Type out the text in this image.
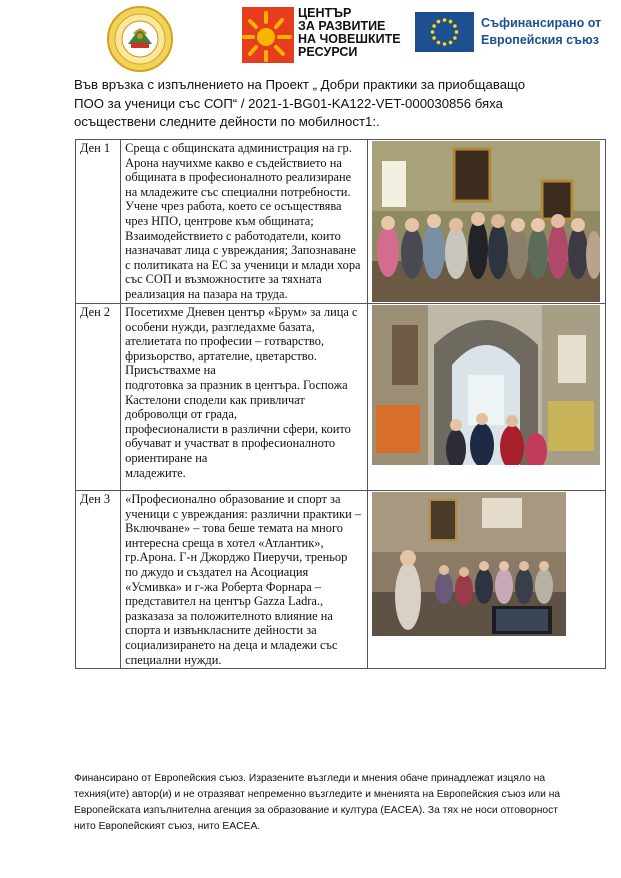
ЦЕНТЪР
ЗА РАЗВИТИЕ
НА ЧОВЕШКИТЕ
РЕСУРСИ
Съфинансирано от
Европейския съюз
Във връзка с изпълнението на Проект „ Добри практики за приобщаващо ПОО за ученици със СОП“ / 2021-1-BG01-KA122-VET-000030856 бяха осъществени следните дейности по мобилност1:.
Ден 1	Среща с общинската администрация на гр. Арона научихме какво е съдействието на общината в професионалното реализиране на младежите със специални потребности. Учене чрез работа, което се осъществява чрез НПО, центрове към общината; Взаимодействието с работодатели, които назначават лица с увреждания; Запознаване с политиката на ЕС за ученици и млади хора със СОП и възможностите за тяхната реализация на пазара на труда.

Ден 2	Посетихме Дневен център «Брум» за лица с особени нужди, разгледахме базата, ателиетата по професии – готварство, фризьорство, артателие, цветарство. Присъствахме на
подготовка за празник в центъра. Госпожа Кастелони сподели как привличат доброволци от града,
професионалисти в различни сфери, които обучават и участват в професионалното ориентиране на
младежите.

Ден 3	«Професионално образование и спорт за ученици с увреждания: различни практики – Включване» – това беше темата на много интересна среща в хотел «Атлантик», гр.Арона. Г-н Джорджо Пиеручи, треньор по джудо и създател на Асоциация «Усмивка» и г-жа Роберта Форнара – представител на център Gazza Ladra., разказаза за положителното влияние на спорта и извънкласните дейности за социализирането на деца и младежи със специални нужди.

Финансирано от Европейския съюз. Изразените възгледи и мнения обаче принадлежат изцяло на техния(ите) автор(и) и не отразяват непременно възгледите и мненията на Европейския съюз или на Европейската изпълнителна агенция за образование и култура (EACEA). За тях не носи отговорност нито Европейският съюз, нито EACEA.
